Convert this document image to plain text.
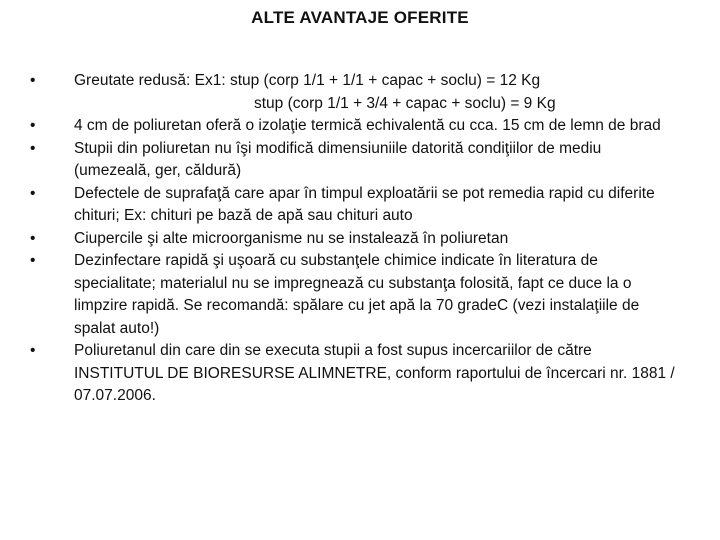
ALTE AVANTAJE OFERITE
•	Greutate redusă: Ex1: stup (corp 1/1 + 1/1 + capac + soclu) = 12 Kg
stup (corp 1/1 + 3/4 + capac + soclu) = 9 Kg
•	4 cm de poliuretan oferă o izolaţie termică echivalentă cu cca. 15 cm de lemn de brad
•	Stupii din poliuretan nu îşi modifică dimensiuniile datorită condiţiilor de mediu (umezeală, ger, căldură)
•	Defectele de suprafaţă care apar în timpul exploatării se pot remedia rapid cu diferite chituri; Ex: chituri pe bază de apă sau chituri auto
•	Ciupercile şi alte microorganisme nu se instalează în poliuretan
•	Dezinfectare rapidă şi uşoară cu substanţele chimice indicate în literatura de specialitate; materialul nu se impregnează cu substanţa folosită, fapt ce duce la o limpzire rapidă. Se recomandă: spălare cu jet apă la 70 gradeC (vezi instalaţiile de spalat auto!)
•	Poliuretanul din care din se executa stupii a fost supus incercariilor de către INSTITUTUL DE BIORESURSE ALIMNETRE, conform raportului de încercari nr. 1881 / 07.07.2006.
